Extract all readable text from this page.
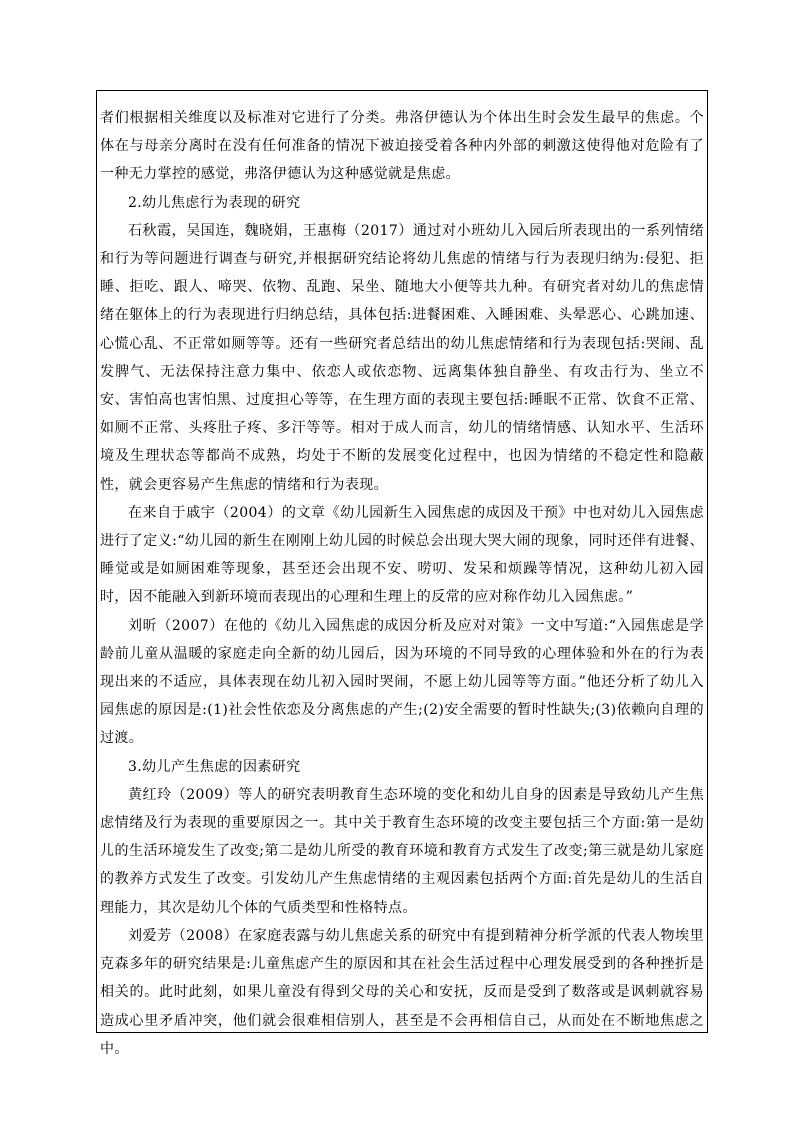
者们根据相关维度以及标准对它进行了分类。弗洛伊德认为个体出生时会发生最早的焦虑。个体在与母亲分离时在没有任何准备的情况下被迫接受着各种内外部的刺激这使得他对危险有了一种无力掌控的感觉，弗洛伊德认为这种感觉就是焦虑。

2.幼儿焦虑行为表现的研究

石秋霞，吴国连，魏晓娟，王惠梅（2017）通过对小班幼儿入园后所表现出的一系列情绪和行为等问题进行调查与研究,并根据研究结论将幼儿焦虑的情绪与行为表现归纳为:侵犯、拒睡、拒吃、跟人、啼哭、依物、乱跑、呆坐、随地大小便等共九种。有研究者对幼儿的焦虑情绪在躯体上的行为表现进行归纳总结，具体包括:进餐困难、入睡困难、头晕恶心、心跳加速、心慌心乱、不正常如厕等等。还有一些研究者总结出的幼儿焦虑情绪和行为表现包括:哭闹、乱发脾气、无法保持注意力集中、依恋人或依恋物、远离集体独自静坐、有攻击行为、坐立不安、害怕高也害怕黑、过度担心等等，在生理方面的表现主要包括:睡眠不正常、饮食不正常、如厕不正常、头疼肚子疼、多汗等等。相对于成人而言，幼儿的情绪情感、认知水平、生活环境及生理状态等都尚不成熟，均处于不断的发展变化过程中，也因为情绪的不稳定性和隐蔽性，就会更容易产生焦虑的情绪和行为表现。

在来自于戚宇（2004）的文章《幼儿园新生入园焦虑的成因及干预》中也对幼儿入园焦虑进行了定义:“幼儿园的新生在刚刚上幼儿园的时候总会出现大哭大闹的现象，同时还伴有进餐、睡觉或是如厕困难等现象，甚至还会出现不安、唠叨、发呆和烦躁等情况，这种幼儿初入园时，因不能融入到新环境而表现出的心理和生理上的反常的应对称作幼儿入园焦虑。”

刘昕（2007）在他的《幼儿入园焦虑的成因分析及应对对策》一文中写道:“入园焦虑是学龄前儿童从温暖的家庭走向全新的幼儿园后，因为环境的不同导致的心理体验和外在的行为表现出来的不适应，具体表现在幼儿初入园时哭闹，不愿上幼儿园等等方面。”他还分析了幼儿入园焦虑的原因是:(1)社会性依恋及分离焦虑的产生;(2)安全需要的暂时性缺失;(3)依赖向自理的过渡。

3.幼儿产生焦虑的因素研究

黄红玲（2009）等人的研究表明教育生态环境的变化和幼儿自身的因素是导致幼儿产生焦虑情绪及行为表现的重要原因之一。其中关于教育生态环境的改变主要包括三个方面:第一是幼儿的生活环境发生了改变;第二是幼儿所受的教育环境和教育方式发生了改变;第三就是幼儿家庭的教养方式发生了改变。引发幼儿产生焦虑情绪的主观因素包括两个方面:首先是幼儿的生活自理能力，其次是幼儿个体的气质类型和性格特点。

刘爱芳（2008）在家庭表露与幼儿焦虑关系的研究中有提到精神分析学派的代表人物埃里克森多年的研究结果是:儿童焦虑产生的原因和其在社会生活过程中心理发展受到的各种挫折是相关的。此时此刻，如果儿童没有得到父母的关心和安抚，反而是受到了数落或是讽刺就容易造成心里矛盾冲突，他们就会很难相信别人，甚至是不会再相信自己，从而处在不断地焦虑之中。
